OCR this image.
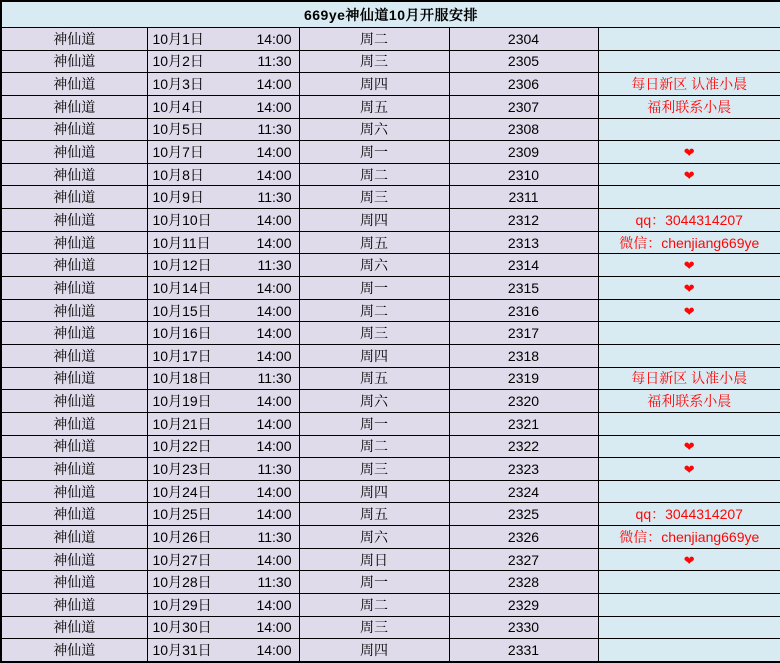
669ye神仙道10月开服安排				
神仙道	10月1日 14:00	周二	2304	
神仙道	10月2日 11:30	周三	2305	
神仙道	10月3日 14:00	周四	2306	每日新区 认准小晨
神仙道	10月4日 14:00	周五	2307	福利联系小晨
神仙道	10月5日 11:30	周六	2308	
神仙道	10月7日 14:00	周一	2309	❤
神仙道	10月8日 14:00	周二	2310	❤
神仙道	10月9日 11:30	周三	2311	
神仙道	10月10日 14:00	周四	2312	qq：3044314207
神仙道	10月11日 14:00	周五	2313	微信：chenjiang669ye
神仙道	10月12日 11:30	周六	2314	❤
神仙道	10月14日 14:00	周一	2315	❤
神仙道	10月15日 14:00	周二	2316	❤
神仙道	10月16日 14:00	周三	2317	
神仙道	10月17日 14:00	周四	2318	
神仙道	10月18日 11:30	周五	2319	每日新区 认准小晨
神仙道	10月19日 14:00	周六	2320	福利联系小晨
神仙道	10月21日 14:00	周一	2321	
神仙道	10月22日 14:00	周二	2322	❤
神仙道	10月23日 11:30	周三	2323	❤
神仙道	10月24日 14:00	周四	2324	
神仙道	10月25日 14:00	周五	2325	qq：3044314207
神仙道	10月26日 11:30	周六	2326	微信：chenjiang669ye
神仙道	10月27日 14:00	周日	2327	❤
神仙道	10月28日 11:30	周一	2328	
神仙道	10月29日 14:00	周二	2329	
神仙道	10月30日 14:00	周三	2330	
神仙道	10月31日 14:00	周四	2331	
